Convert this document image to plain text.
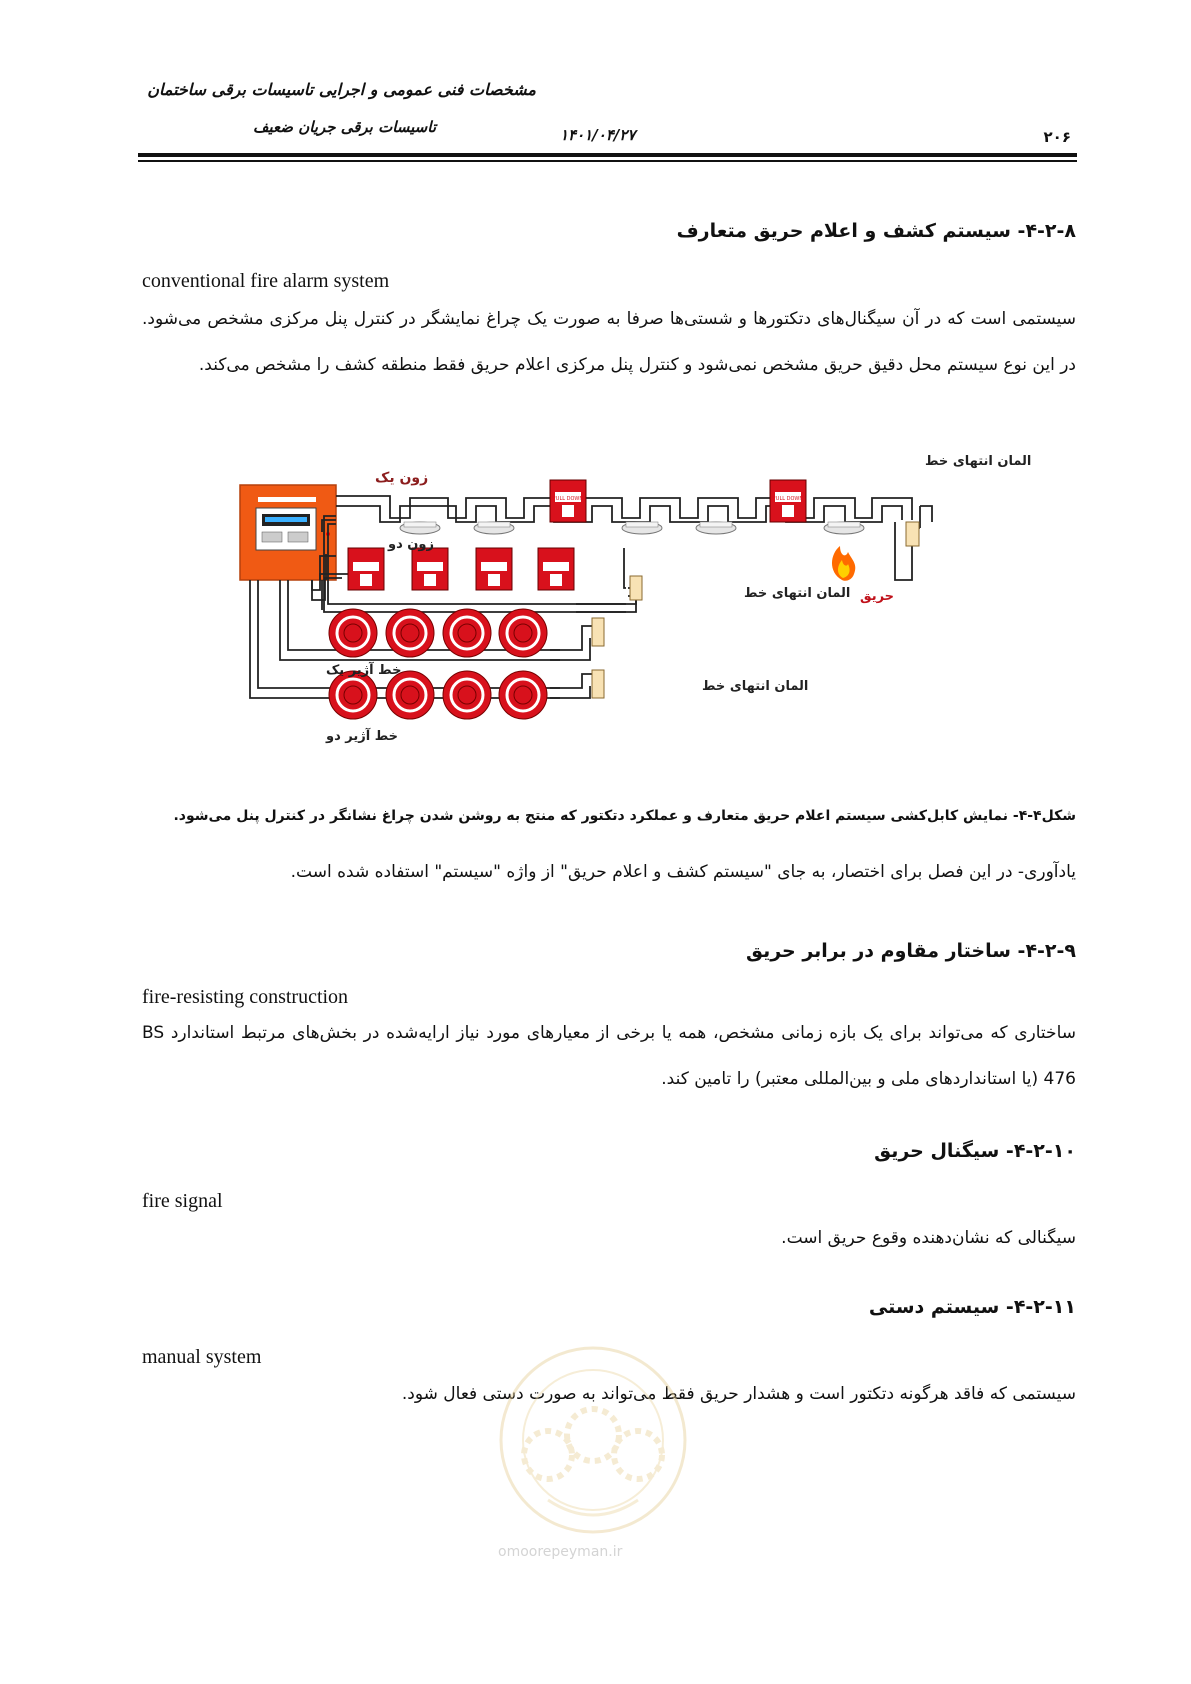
مشخصات فنی عمومی و اجرایی تاسیسات برقی ساختمان
تاسیسات برقی جریان ضعیف	۱۴۰۱/۰۴/۲۷	۲۰۶
۴-۲-۸- سیستم کشف و اعلام حریق متعارف
conventional fire alarm system
سیستمی است که در آن سیگنال‌های دتکتورها و شستی‌ها صرفا به صورت یک چراغ نمایشگر در کنترل پنل مرکزی مشخص می‌شود. در این نوع سیستم محل دقیق حریق مشخص نمی‌شود و کنترل پنل مرکزی اعلام حریق فقط منطقه کشف را مشخص می‌کند.
FULL DOWN	FULL DOWN
زون یک
المان انتهای خط
زون دو
المان انتهای خط حریق
خط آژیر یک
المان انتهای خط
خط آژیر دو
شکل۴-۴- نمایش کابل‌کشی سیستم اعلام حریق متعارف و عملکرد دتکتور که منتج به روشن شدن چراغ نشانگر در کنترل پنل می‌شود.
یادآوری- در این فصل برای اختصار، به جای "سیستم کشف و اعلام حریق" از واژه "سیستم" استفاده شده است.
۴-۲-۹- ساختار مقاوم در برابر حریق
fire-resisting construction
ساختاری که می‌تواند برای یک بازه زمانی مشخص، همه یا برخی از معیارهای مورد نیاز ارایه‌شده در بخش‌های مرتبط استاندارد BS 476 (یا استانداردهای ملی و بین‌المللی معتبر) را تامین کند.
۴-۲-۱۰- سیگنال حریق
fire signal
سیگنالی که نشان‌دهنده وقوع حریق است.
۴-۲-۱۱- سیستم دستی
manual system
سیستمی که فاقد هرگونه دتکتور است و هشدار حریق فقط می‌تواند به صورت دستی فعال شود.
omoorepeyman.ir
